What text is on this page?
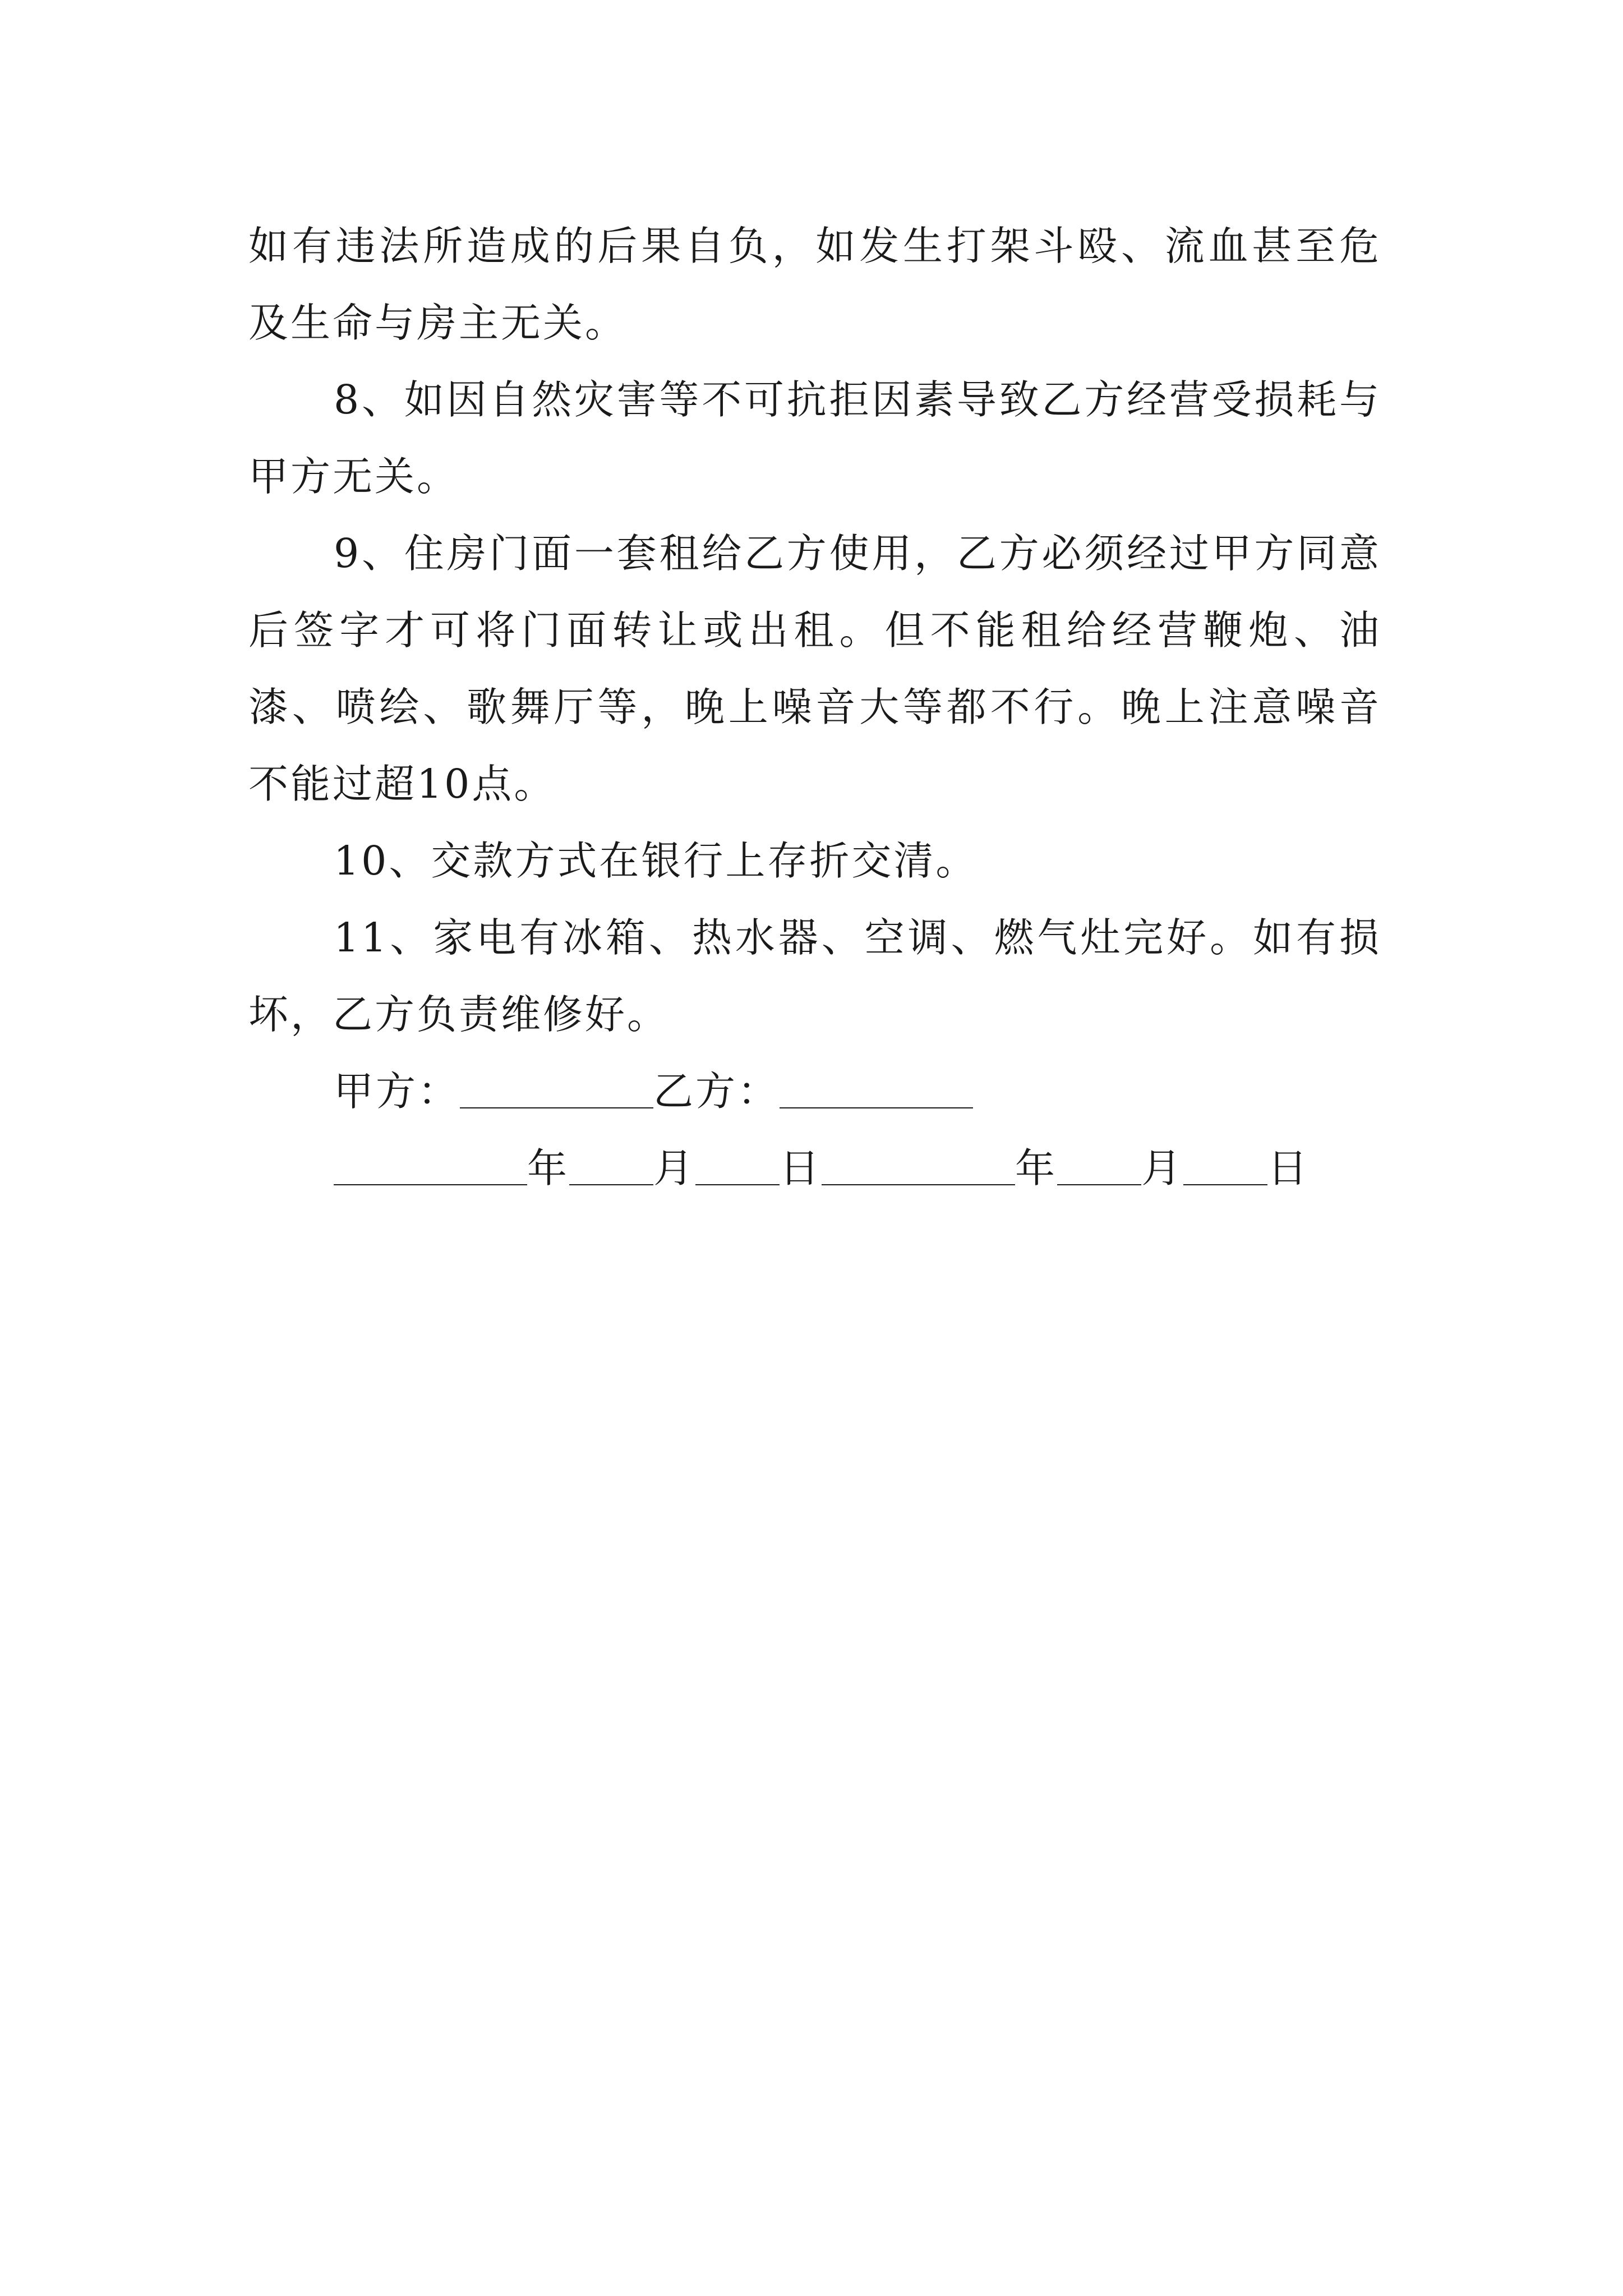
如有违法所造成的后果自负，如发生打架斗殴、流血甚至危及生命与房主无关。

8、如因自然灾害等不可抗拒因素导致乙方经营受损耗与甲方无关。

9、住房门面一套租给乙方使用，乙方必须经过甲方同意后签字才可将门面转让或出租。但不能租给经营鞭炮、油漆、喷绘、歌舞厅等，晚上噪音大等都不行。晚上注意噪音不能过超10点。

10、交款方式在银行上存折交清。

11、家电有冰箱、热水器、空调、燃气灶完好。如有损坏，乙方负责维修好。

甲方：	乙方：

年 月 日	年 月 日
